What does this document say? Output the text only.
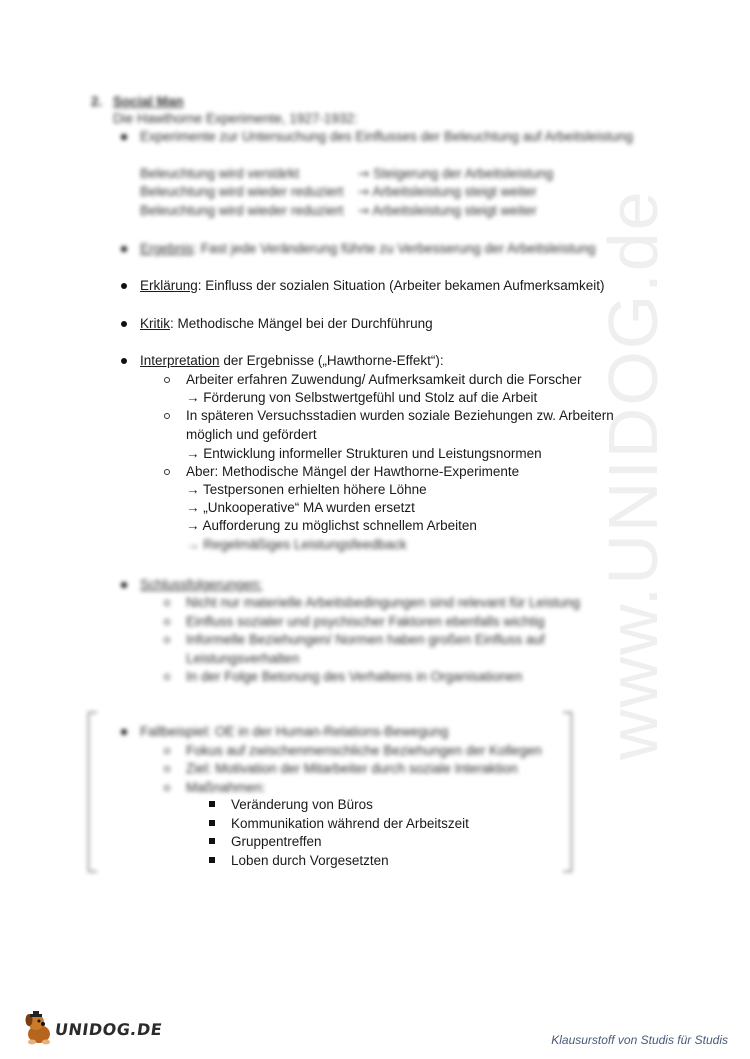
www.UNIDOG.de
2. Social Man
Die Hawthorne Experimente, 1927-1932:
Experimente zur Untersuchung des Einflusses der Beleuchtung auf Arbeitsleistung
Beleuchtung wird verstärkt	→ Steigerung der Arbeitsleistung
Beleuchtung wird wieder reduziert → Arbeitsleistung steigt weiter
Beleuchtung wird wieder reduziert → Arbeitsleistung steigt weiter
Ergebnis: Fast jede Veränderung führte zu Verbesserung der Arbeitsleistung
Erklärung: Einfluss der sozialen Situation (Arbeiter bekamen Aufmerksamkeit)
Kritik: Methodische Mängel bei der Durchführung
Interpretation der Ergebnisse („Hawthorne-Effekt“):
Arbeiter erfahren Zuwendung/ Aufmerksamkeit durch die Forscher
→ Förderung von Selbstwertgefühl und Stolz auf die Arbeit
In späteren Versuchsstadien wurden soziale Beziehungen zw. Arbeitern
möglich und gefördert
→ Entwicklung informeller Strukturen und Leistungsnormen
Aber: Methodische Mängel der Hawthorne-Experimente
→ Testpersonen erhielten höhere Löhne
→ „Unkooperative“ MA wurden ersetzt
→ Aufforderung zu möglichst schnellem Arbeiten
→ Regelmäßiges Leistungsfeedback
Schlussfolgerungen:
Nicht nur materielle Arbeitsbedingungen sind relevant für Leistung
Einfluss sozialer und psychischer Faktoren ebenfalls wichtig
Informelle Beziehungen/ Normen haben großen Einfluss auf
Leistungsverhalten
In der Folge Betonung des Verhaltens in Organisationen
Fallbeispiel: OE in der Human-Relations-Bewegung
Fokus auf zwischenmenschliche Beziehungen der Kollegen
Ziel: Motivation der Mitarbeiter durch soziale Interaktion
Maßnahmen:
Veränderung von Büros
Kommunikation während der Arbeitszeit
Gruppentreffen
Loben durch Vorgesetzten
UNIDOG.DE
Klausurstoff von Studis für Studis
